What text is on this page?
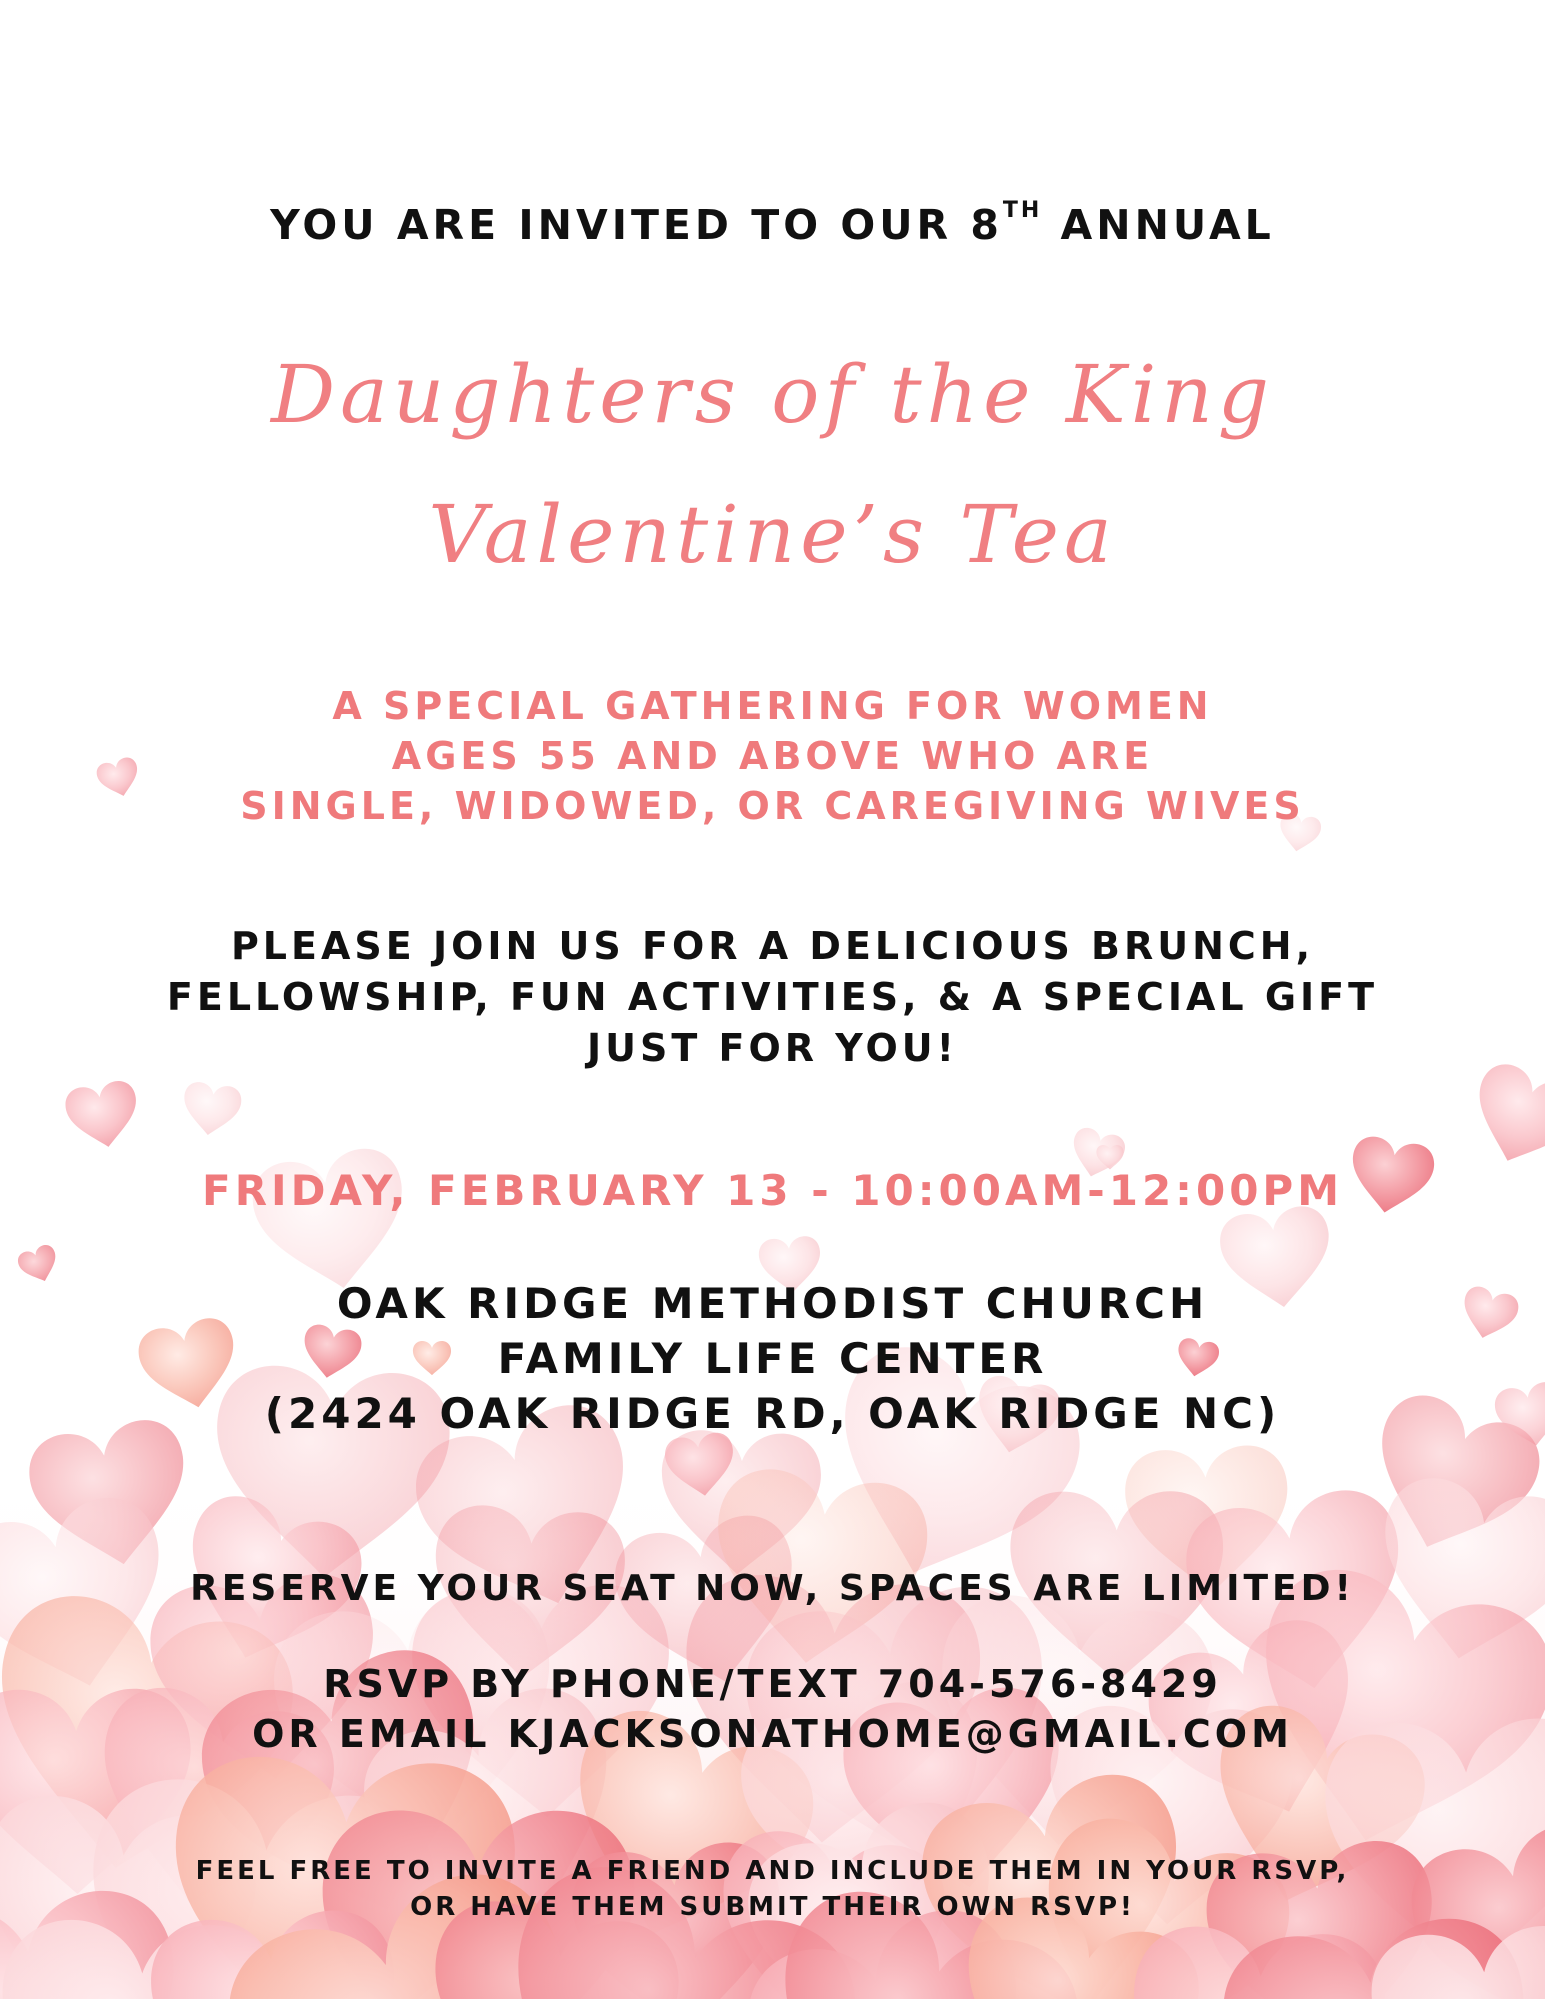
YOU ARE INVITED TO OUR 8TH ANNUAL
Daughters of the King
Valentine’s Tea
A SPECIAL GATHERING FOR WOMEN
AGES 55 AND ABOVE WHO ARE
SINGLE, WIDOWED, OR CAREGIVING WIVES
PLEASE JOIN US FOR A DELICIOUS BRUNCH,
FELLOWSHIP, FUN ACTIVITIES, & A SPECIAL GIFT
JUST FOR YOU!
FRIDAY, FEBRUARY 13 - 10:00AM-12:00PM
OAK RIDGE METHODIST CHURCH
FAMILY LIFE CENTER
(2424 OAK RIDGE RD, OAK RIDGE NC)
RESERVE YOUR SEAT NOW, SPACES ARE LIMITED!
RSVP BY PHONE/TEXT 704-576-8429
OR EMAIL KJACKSONATHOME@GMAIL.COM
FEEL FREE TO INVITE A FRIEND AND INCLUDE THEM IN YOUR RSVP,
OR HAVE THEM SUBMIT THEIR OWN RSVP!
